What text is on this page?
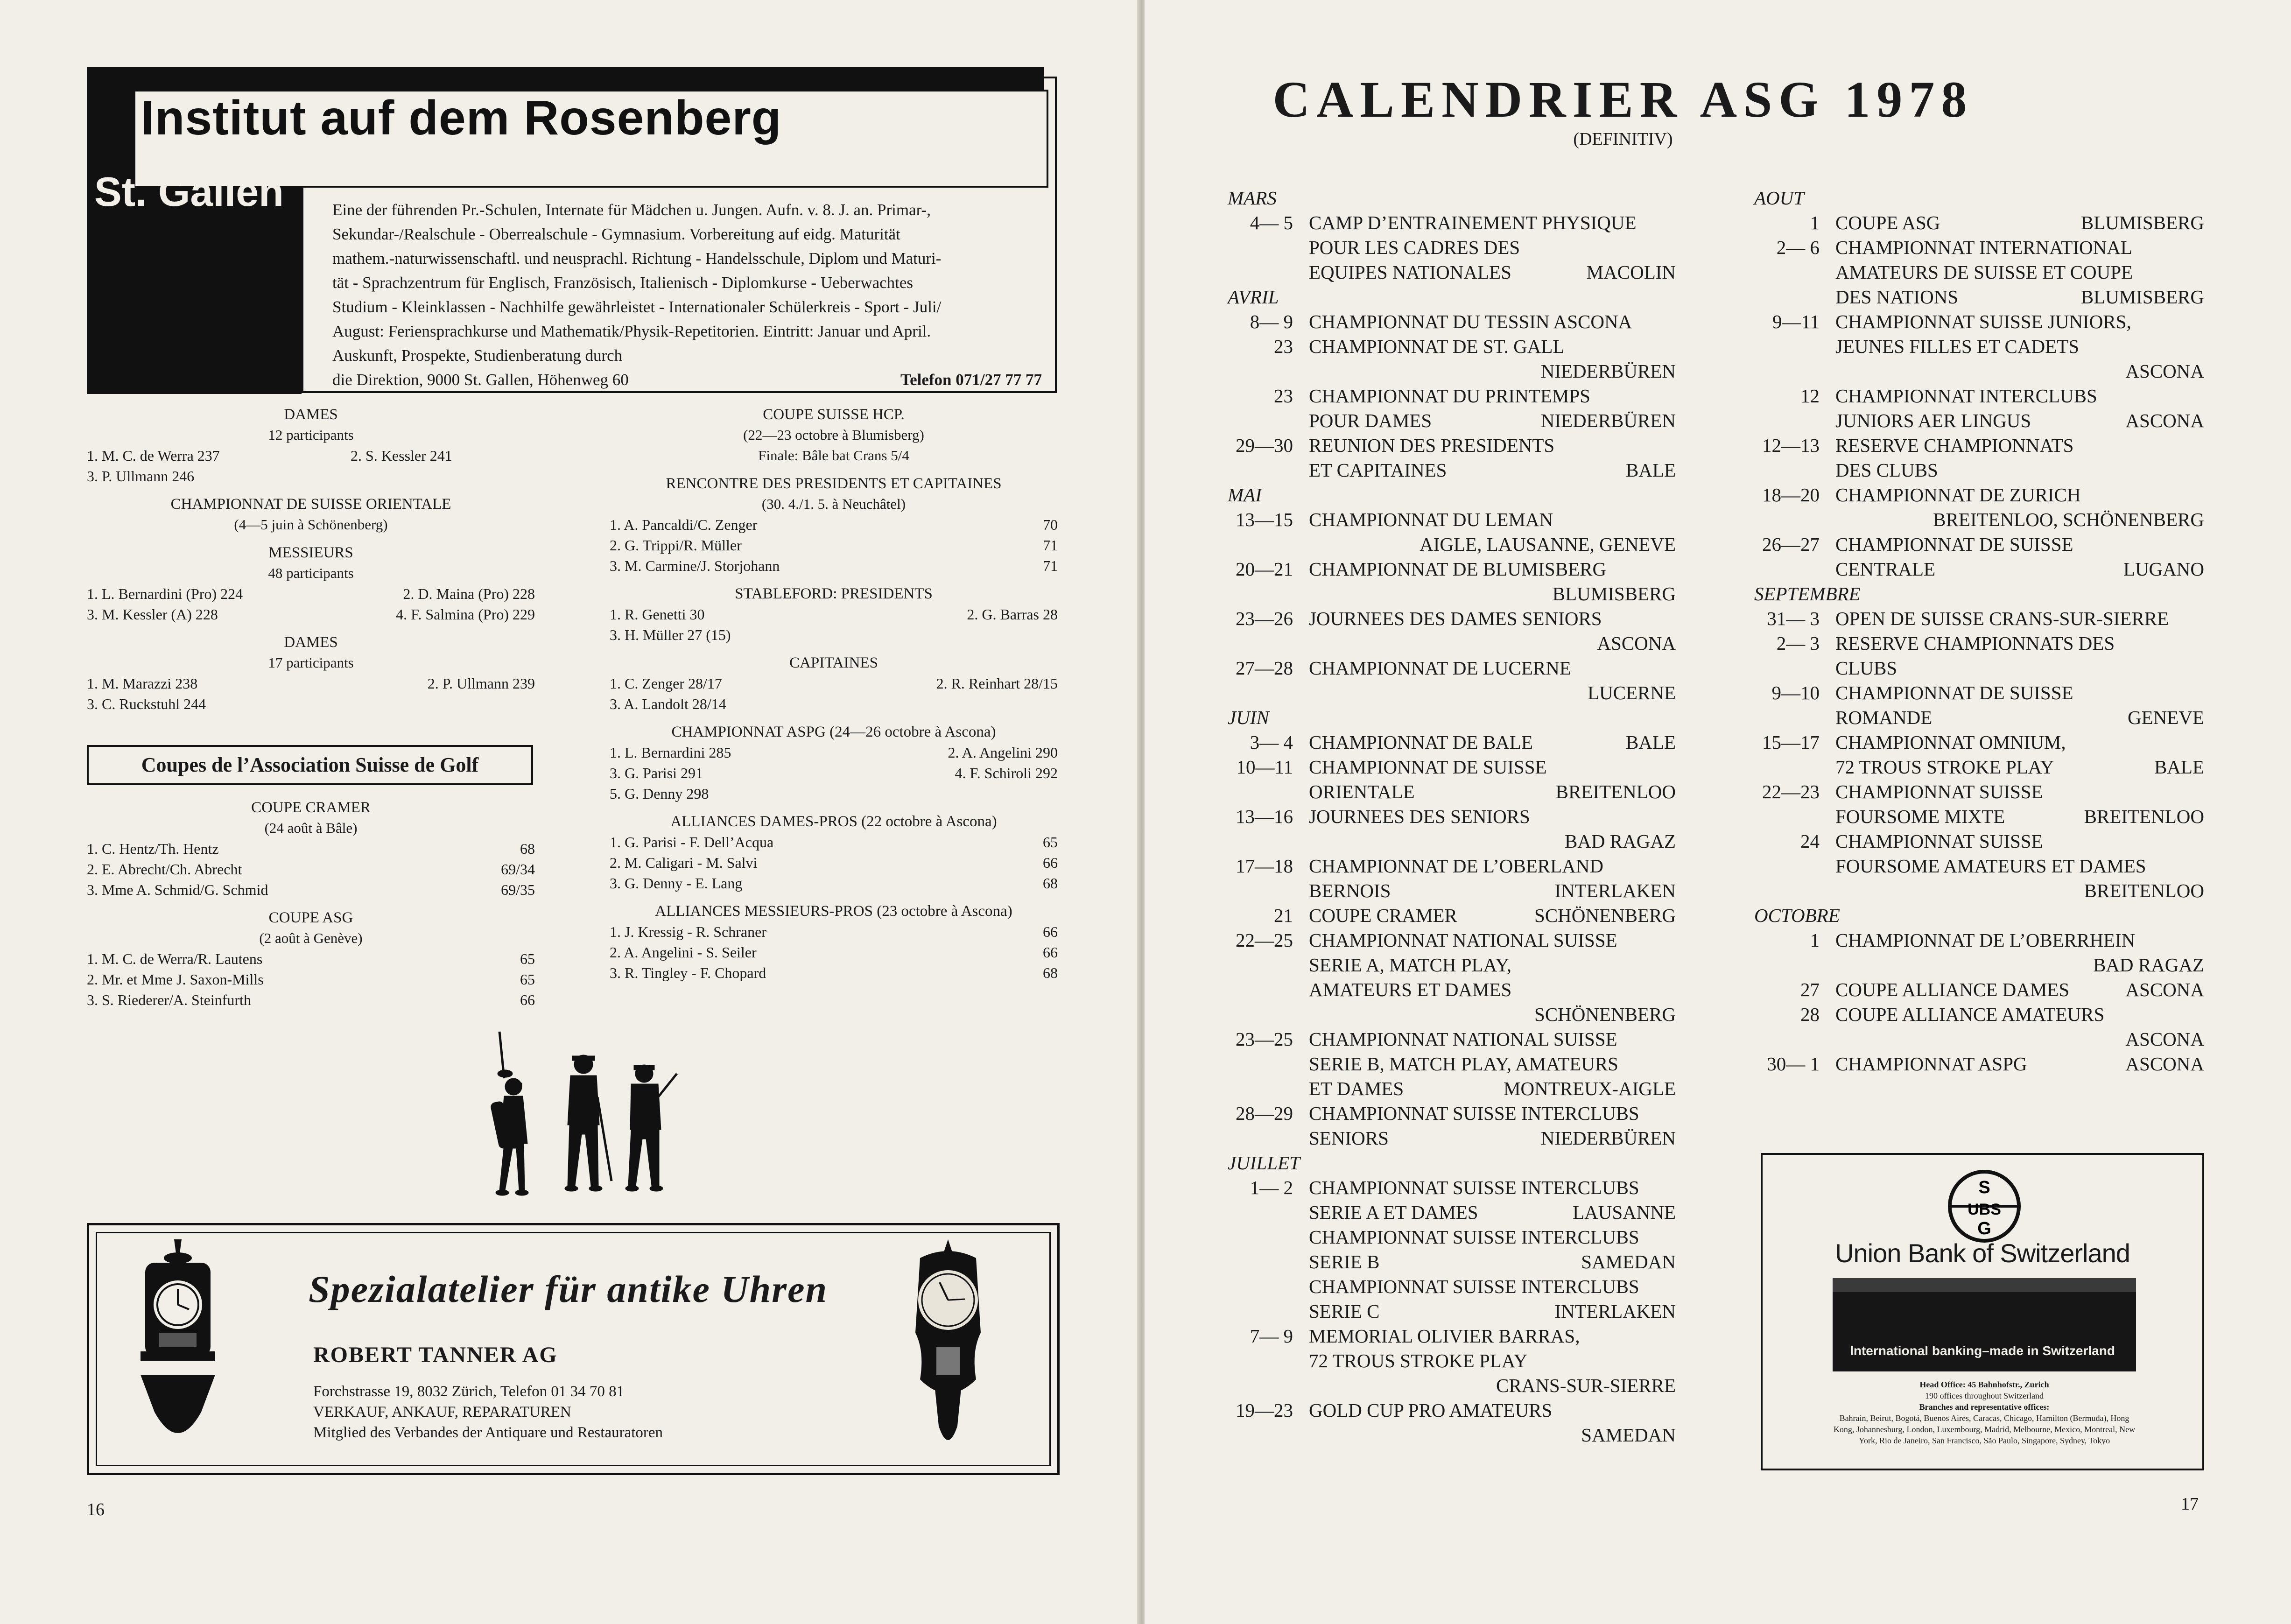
Institut auf dem Rosenberg
St. Gallen	Eine der führenden Pr.-Schulen, Internate für Mädchen u. Jungen. Aufn. v. 8. J. an. Primar-,
Sekundar-/Realschule - Oberrealschule - Gymnasium. Vorbereitung auf eidg. Maturität
mathem.-naturwissenschaftl. und neusprachl. Richtung - Handelsschule, Diplom und Maturi-
tät - Sprachzentrum für Englisch, Französisch, Italienisch - Diplomkurse - Ueberwachtes
Studium - Kleinklassen - Nachhilfe gewährleistet - Internationaler Schülerkreis - Sport - Juli/
August: Feriensprachkurse und Mathematik/Physik-Repetitorien. Eintritt: Januar und April.
Auskunft, Prospekte, Studienberatung durch
die Direktion, 9000 St. Gallen, Höhenweg 60	Telefon 071/27 77 77
DAMES
12 participants
1. M. C. de Werra 237	2. S. Kessler 241
3. P. Ullmann 246
CHAMPIONNAT DE SUISSE ORIENTALE
(4—5 juin à Schönenberg)
MESSIEURS
48 participants
1. L. Bernardini (Pro) 224	2. D. Maina (Pro) 228
3. M. Kessler (A) 228	4. F. Salmina (Pro) 229
DAMES
17 participants
1. M. Marazzi 238	2. P. Ullmann 239
3. C. Ruckstuhl 244
Coupes de l’Association Suisse de Golf
COUPE CRAMER
(24 août à Bâle)
1. C. Hentz/Th. Hentz	68
2. E. Abrecht/Ch. Abrecht	69/34
3. Mme A. Schmid/G. Schmid	69/35
COUPE ASG
(2 août à Genève)
1. M. C. de Werra/R. Lautens	65
2. Mr. et Mme J. Saxon-Mills	65
3. S. Riederer/A. Steinfurth	66
COUPE SUISSE HCP.
(22—23 octobre à Blumisberg)
Finale: Bâle bat Crans 5/4
RENCONTRE DES PRESIDENTS ET CAPITAINES
(30. 4./1. 5. à Neuchâtel)
1. A. Pancaldi/C. Zenger	70
2. G. Trippi/R. Müller	71
3. M. Carmine/J. Storjohann	71
STABLEFORD: PRESIDENTS
1. R. Genetti 30	2. G. Barras 28
3. H. Müller 27 (15)
CAPITAINES
1. C. Zenger 28/17	2. R. Reinhart 28/15
3. A. Landolt 28/14
CHAMPIONNAT ASPG (24—26 octobre à Ascona)
1. L. Bernardini 285	2. A. Angelini 290
3. G. Parisi 291	4. F. Schiroli 292
5. G. Denny 298
ALLIANCES DAMES-PROS (22 octobre à Ascona)
1. G. Parisi - F. Dell’Acqua	65
2. M. Caligari - M. Salvi	66
3. G. Denny - E. Lang	68
ALLIANCES MESSIEURS-PROS (23 octobre à Ascona)
1. J. Kressig - R. Schraner	66
2. A. Angelini - S. Seiler	66
3. R. Tingley - F. Chopard	68
Spezialatelier für antike Uhren
ROBERT TANNER AG
Forchstrasse 19, 8032 Zürich, Telefon 01 34 70 81
VERKAUF, ANKAUF, REPARATUREN
Mitglied des Verbandes der Antiquare und Restauratoren
16
CALENDRIER ASG 1978
(DEFINITIV)
MARS
4— 5 CAMP D’ENTRAINEMENT PHYSIQUE
POUR LES CADRES DES
EQUIPES NATIONALES	MACOLIN
AVRIL
8— 9 CHAMPIONNAT DU TESSIN ASCONA
23 CHAMPIONNAT DE ST. GALL
NIEDERBÜREN
23 CHAMPIONNAT DU PRINTEMPS
POUR DAMES	NIEDERBÜREN
29—30 REUNION DES PRESIDENTS
ET CAPITAINES	BALE
MAI
13—15 CHAMPIONNAT DU LEMAN
AIGLE, LAUSANNE, GENEVE
20—21 CHAMPIONNAT DE BLUMISBERG
BLUMISBERG
23—26 JOURNEES DES DAMES SENIORS
ASCONA
27—28 CHAMPIONNAT DE LUCERNE
LUCERNE
JUIN
3— 4 CHAMPIONNAT DE BALE	BALE
10—11 CHAMPIONNAT DE SUISSE
ORIENTALE	BREITENLOO
13—16 JOURNEES DES SENIORS
BAD RAGAZ
17—18 CHAMPIONNAT DE L’OBERLAND
BERNOIS	INTERLAKEN
21 COUPE CRAMER	SCHÖNENBERG
22—25 CHAMPIONNAT NATIONAL SUISSE
SERIE A, MATCH PLAY,
AMATEURS ET DAMES
SCHÖNENBERG
23—25 CHAMPIONNAT NATIONAL SUISSE
SERIE B, MATCH PLAY, AMATEURS
ET DAMES	MONTREUX-AIGLE
28—29 CHAMPIONNAT SUISSE INTERCLUBS
SENIORS	NIEDERBÜREN
JUILLET
1— 2 CHAMPIONNAT SUISSE INTERCLUBS
SERIE A ET DAMES	LAUSANNE
CHAMPIONNAT SUISSE INTERCLUBS
SERIE B	SAMEDAN
CHAMPIONNAT SUISSE INTERCLUBS
SERIE C	INTERLAKEN
7— 9 MEMORIAL OLIVIER BARRAS,
72 TROUS STROKE PLAY
CRANS-SUR-SIERRE
19—23 GOLD CUP PRO AMATEURS
SAMEDAN
AOUT
1 COUPE ASG	BLUMISBERG
2— 6 CHAMPIONNAT INTERNATIONAL
AMATEURS DE SUISSE ET COUPE
DES NATIONS	BLUMISBERG
9—11 CHAMPIONNAT SUISSE JUNIORS,
JEUNES FILLES ET CADETS
ASCONA
12 CHAMPIONNAT INTERCLUBS
JUNIORS AER LINGUS	ASCONA
12—13 RESERVE CHAMPIONNATS
DES CLUBS
18—20 CHAMPIONNAT DE ZURICH
BREITENLOO, SCHÖNENBERG
26—27 CHAMPIONNAT DE SUISSE
CENTRALE	LUGANO
SEPTEMBRE
31— 3 OPEN DE SUISSE CRANS-SUR-SIERRE
2— 3 RESERVE CHAMPIONNATS DES
CLUBS
9—10 CHAMPIONNAT DE SUISSE
ROMANDE	GENEVE
15—17 CHAMPIONNAT OMNIUM,
72 TROUS STROKE PLAY	BALE
22—23 CHAMPIONNAT SUISSE
FOURSOME MIXTE	BREITENLOO
24 CHAMPIONNAT SUISSE
FOURSOME AMATEURS ET DAMES
BREITENLOO
OCTOBRE
1 CHAMPIONNAT DE L’OBERRHEIN
BAD RAGAZ
27 COUPE ALLIANCE DAMES	ASCONA
28 COUPE ALLIANCE AMATEURS
ASCONA
30— 1 CHAMPIONNAT ASPG	ASCONA
S
UBS
G
Union Bank of Switzerland
International banking–made in Switzerland
Head Office: 45 Bahnhofstr., Zurich
190 offices throughout Switzerland
Branches and representative offices:
Bahrain, Beirut, Bogotá, Buenos Aires, Caracas, Chicago, Hamilton (Bermuda), Hong Kong, Johannesburg, London, Luxembourg, Madrid, Melbourne, Mexico, Montreal, New York, Rio de Janeiro, San Francisco, São Paulo, Singapore, Sydney, Tokyo
17
